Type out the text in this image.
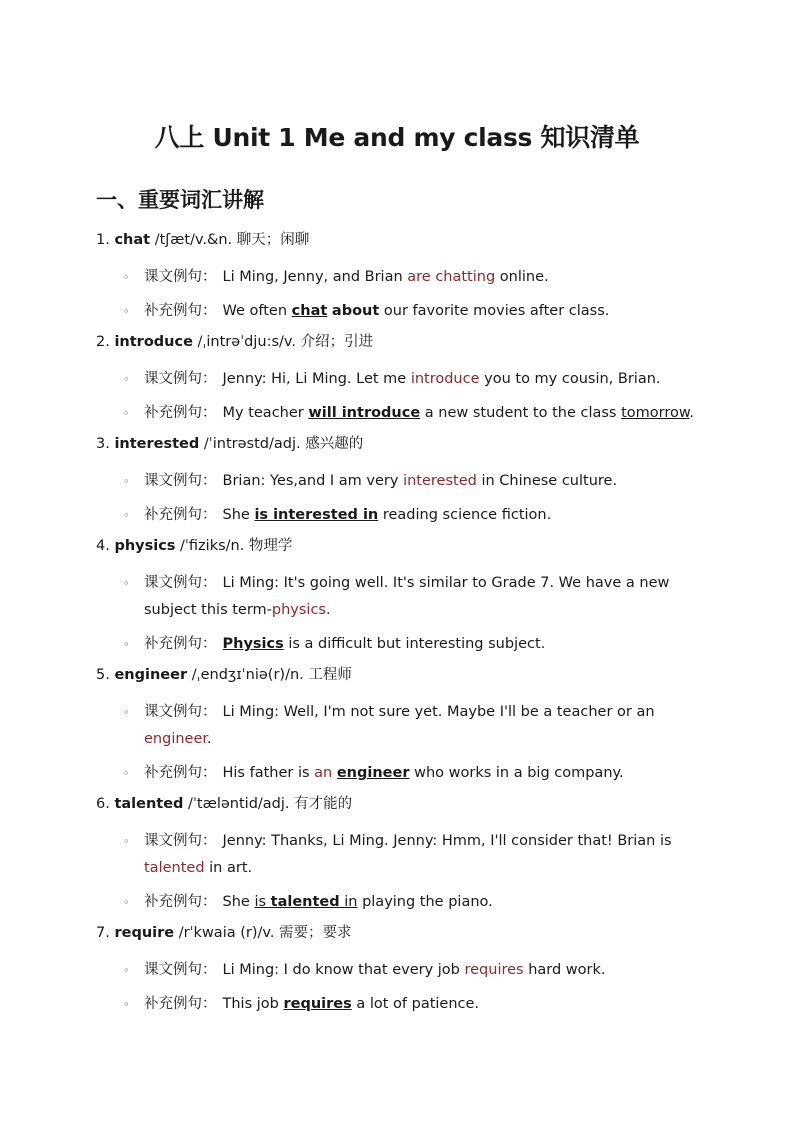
八上 Unit 1 Me and my class 知识清单
一、重要词汇讲解
1. chat /tʃæt/v.&n. 聊天；闲聊
◦ 课文例句： Li Ming, Jenny, and Brian are chatting online.
◦ 补充例句： We often chat about our favorite movies after class.
2. introduce /ˌintrəˈdju:s/v. 介绍；引进
◦ 课文例句： Jenny: Hi, Li Ming. Let me introduce you to my cousin, Brian.
◦ 补充例句： My teacher will introduce a new student to the class tomorrow.
3. interested /ˈintrəstd/adj. 感兴趣的
◦ 课文例句： Brian: Yes,and I am very interested in Chinese culture.
◦ 补充例句： She is interested in reading science fiction.
4. physics /ˈfiziks/n. 物理学
◦ 课文例句： Li Ming: It's going well. It's similar to Grade 7. We have a new subject this term-physics.
◦ 补充例句： Physics is a difficult but interesting subject.
5. engineer /ˌendʒɪˈniə(r)/n. 工程师
◦ 课文例句： Li Ming: Well, I'm not sure yet. Maybe I'll be a teacher or an engineer.
◦ 补充例句： His father is an engineer who works in a big company.
6. talented /ˈtæləntid/adj. 有才能的
◦ 课文例句： Jenny: Thanks, Li Ming. Jenny: Hmm, I'll consider that! Brian is talented in art.
◦ 补充例句： She is talented in playing the piano.
7. require /rˈkwaia (r)/v. 需要；要求
◦ 课文例句： Li Ming: I do know that every job requires hard work.
◦ 补充例句： This job requires a lot of patience.
